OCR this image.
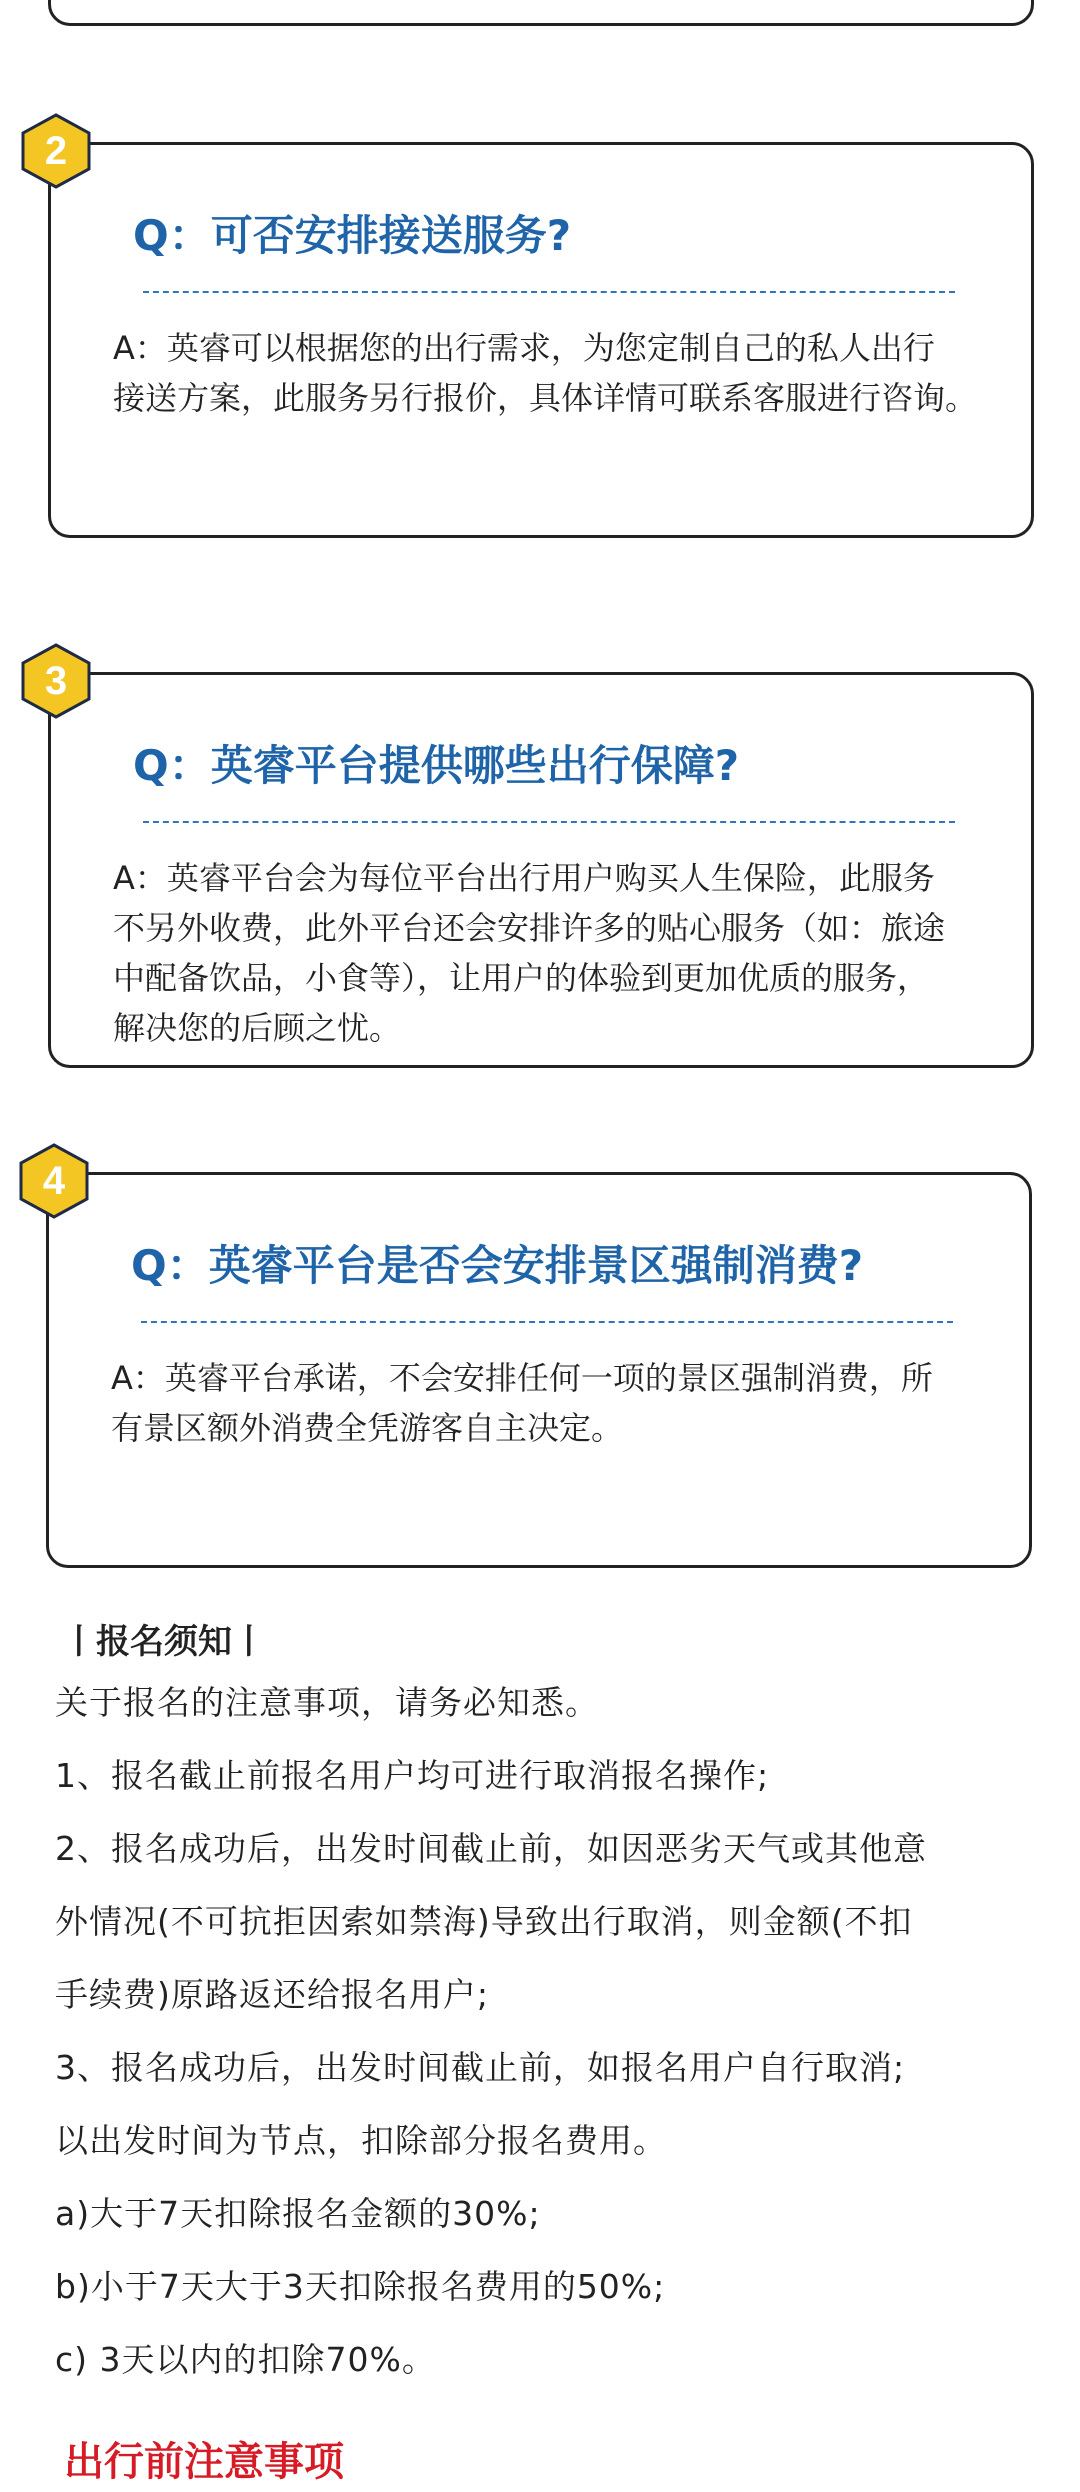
Q：可否安排接送服务?

A：英睿可以根据您的出行需求，为您定制自己的私人出行
接送方案，此服务另行报价，具体详情可联系客服进行咨询。

2
Q：英睿平台提供哪些出行保障?

A：英睿平台会为每位平台出行用户购买人生保险，此服务
不另外收费，此外平台还会安排许多的贴心服务（如：旅途
中配备饮品，小食等），让用户的体验到更加优质的服务，
解决您的后顾之忧。

3
Q：英睿平台是否会安排景区强制消费?

A：英睿平台承诺，不会安排任何一项的景区强制消费，所
有景区额外消费全凭游客自主决定。

4
丨报名须知丨
关于报名的注意事项，请务必知悉。
1、报名截止前报名用户均可进行取消报名操作;
2、报名成功后，出发时间截止前，如因恶劣天气或其他意
外情况(不可抗拒因索如禁海)导致出行取消，则金额(不扣
手续费)原路返还给报名用户;
3、报名成功后，出发时间截止前，如报名用户自行取消;
以出发时间为节点，扣除部分报名费用。
a)大于7天扣除报名金额的30%;
b)小于7天大于3天扣除报名费用的50%;
c) 3天以内的扣除70%。
出行前注意事项
